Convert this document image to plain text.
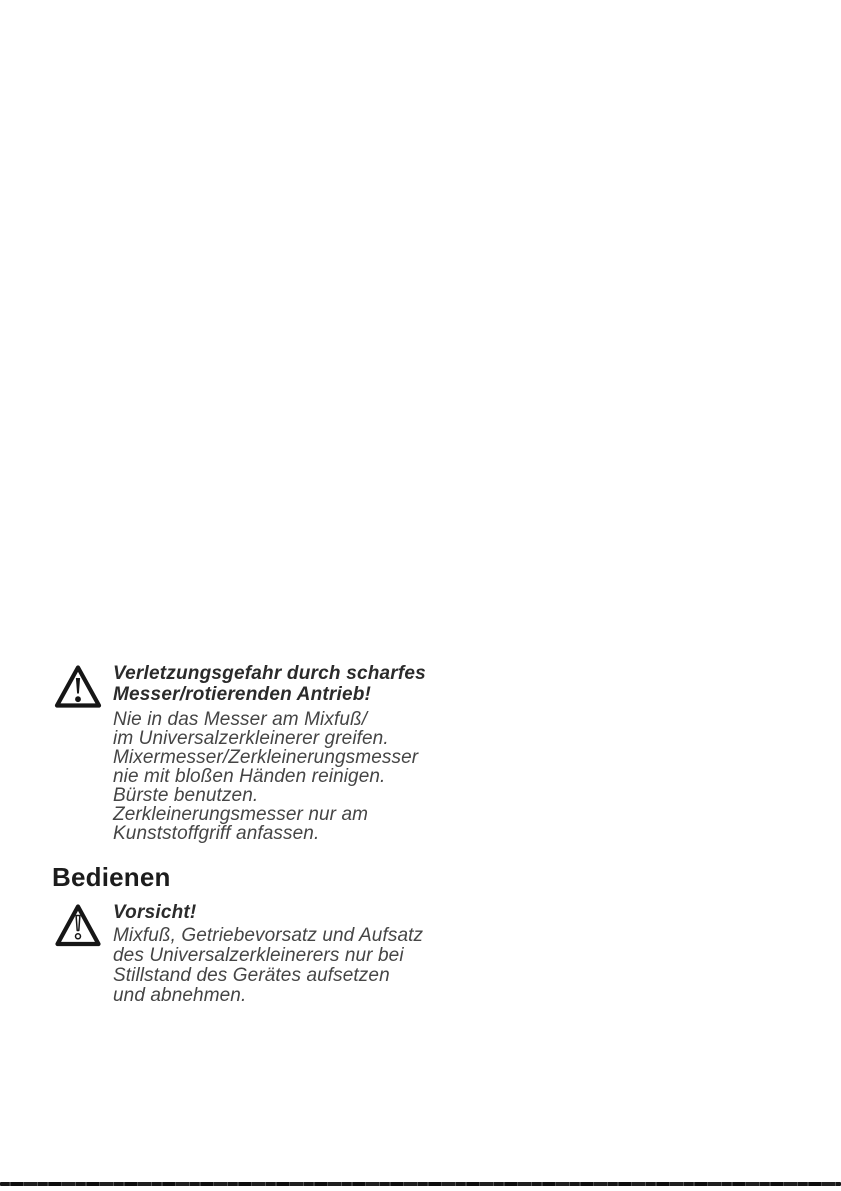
Verletzungsgefahr durch scharfes
Messer/rotierenden Antrieb!
Nie in das Messer am Mixfuß/
im Universalzerkleinerer greifen.
Mixermesser/Zerkleinerungsmesser
nie mit bloßen Händen reinigen.
Bürste benutzen.
Zerkleinerungsmesser nur am
Kunststoffgriff anfassen.
Bedienen
Vorsicht!
Mixfuß, Getriebevorsatz und Aufsatz
des Universalzerkleinerers nur bei
Stillstand des Gerätes aufsetzen
und abnehmen.
